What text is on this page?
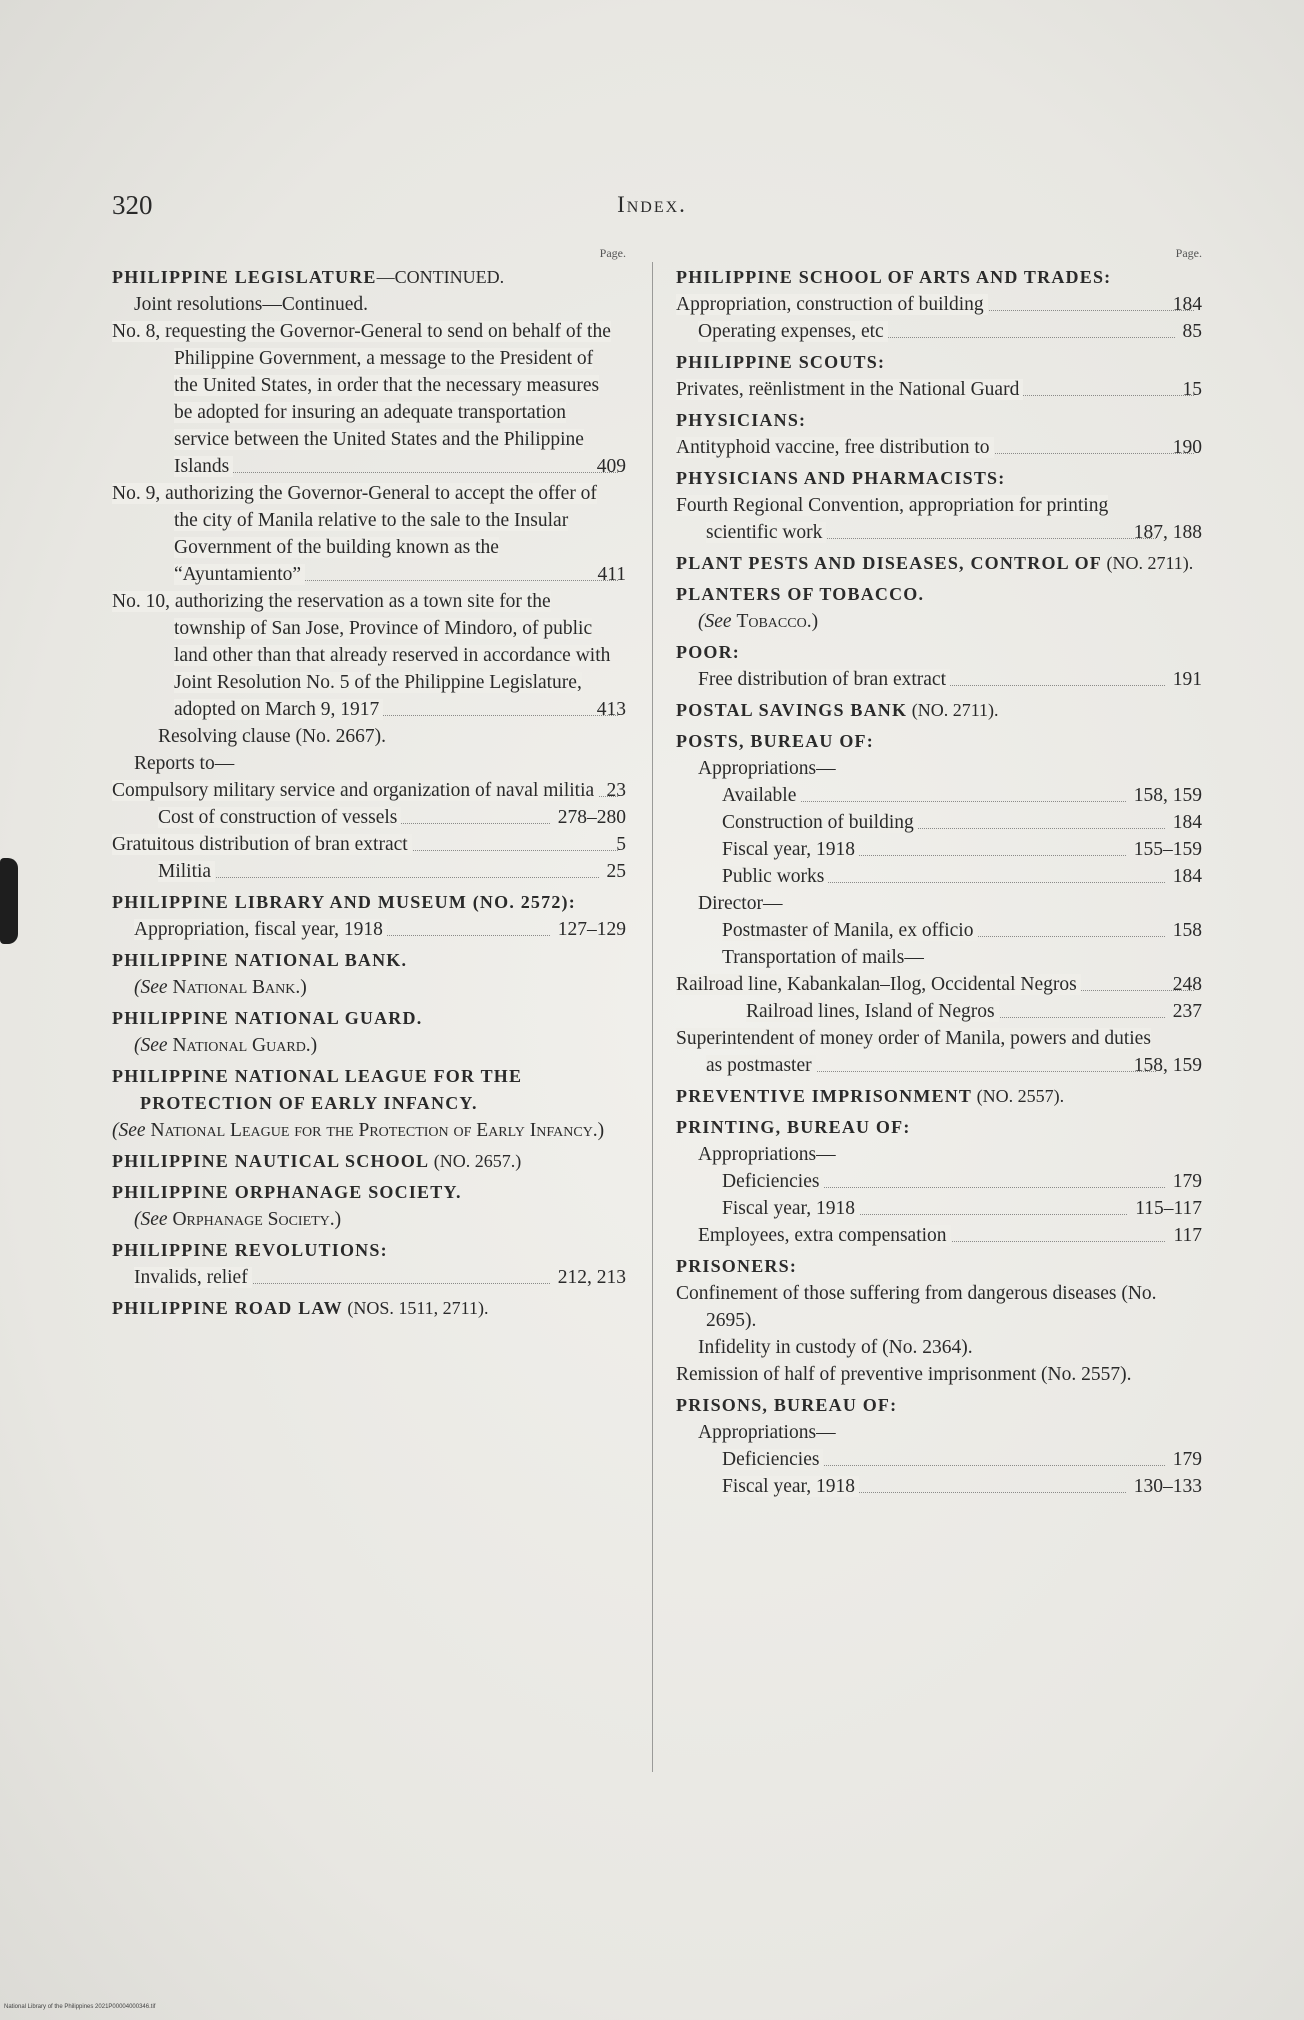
320	Index.
Page.
PHILIPPINE LEGISLATURE—CONTINUED.
Joint resolutions—Continued.
No. 8, requesting the Governor-General to send on behalf of the Philippine Government, a message to the President of the United States, in order that the necessary measures be adopted for insuring an adequate transportation service between the United States and the Philippine Islands	409
No. 9, authorizing the Governor-General to accept the offer of the city of Manila relative to the sale to the Insular Government of the building known as the “Ayuntamiento”	411
No. 10, authorizing the reservation as a town site for the township of San Jose, Province of Mindoro, of public land other than that already reserved in accordance with Joint Resolution No. 5 of the Philippine Legislature, adopted on March 9, 1917	413
Resolving clause (No. 2667).
Reports to—
Compulsory military service and organization of naval militia 23
Cost of construction of vessels	278–280
Gratuitous distribution of bran extract	5
Militia	25
PHILIPPINE LIBRARY AND MUSEUM (NO. 2572):
Appropriation, fiscal year, 1918	127–129
PHILIPPINE NATIONAL BANK.
(See National Bank.)
PHILIPPINE NATIONAL GUARD.
(See National Guard.)
PHILIPPINE NATIONAL LEAGUE FOR THE PROTECTION OF EARLY INFANCY.
(See National League for the Protection of Early Infancy.)
PHILIPPINE NAUTICAL SCHOOL (NO. 2657.)
PHILIPPINE ORPHANAGE SOCIETY.
(See Orphanage Society.)
PHILIPPINE REVOLUTIONS:
Invalids, relief	212, 213
PHILIPPINE ROAD LAW (NOS. 1511, 2711).
Page.
PHILIPPINE SCHOOL OF ARTS AND TRADES:
Appropriation, construction of building	184
Operating expenses, etc	85
PHILIPPINE SCOUTS:
Privates, reënlistment in the National Guard	15
PHYSICIANS:
Antityphoid vaccine, free distribution to	190
PHYSICIANS AND PHARMACISTS:
Fourth Regional Convention, appropriation for printing scientific work	187, 188
PLANT PESTS AND DISEASES, CONTROL OF (NO. 2711).
PLANTERS OF TOBACCO.
(See Tobacco.)
POOR:
Free distribution of bran extract	191
POSTAL SAVINGS BANK (NO. 2711).
POSTS, BUREAU OF:
Appropriations—
Available	158, 159
Construction of building	184
Fiscal year, 1918	155–159
Public works	184
Director—
Postmaster of Manila, ex officio	158
Transportation of mails—
Railroad line, Kabankalan–Ilog, Occidental Negros	248
Railroad lines, Island of Negros	237
Superintendent of money order of Manila, powers and duties as postmaster	158, 159
PREVENTIVE IMPRISONMENT (NO. 2557).
PRINTING, BUREAU OF:
Appropriations—
Deficiencies	179
Fiscal year, 1918	115–117
Employees, extra compensation	117
PRISONERS:
Confinement of those suffering from dangerous diseases (No. 2695).
Infidelity in custody of (No. 2364).
Remission of half of preventive imprisonment (No. 2557).
PRISONS, BUREAU OF:
Appropriations—
Deficiencies	179
Fiscal year, 1918	130–133
National Library of the Philippines 2021P00004000346.tif
